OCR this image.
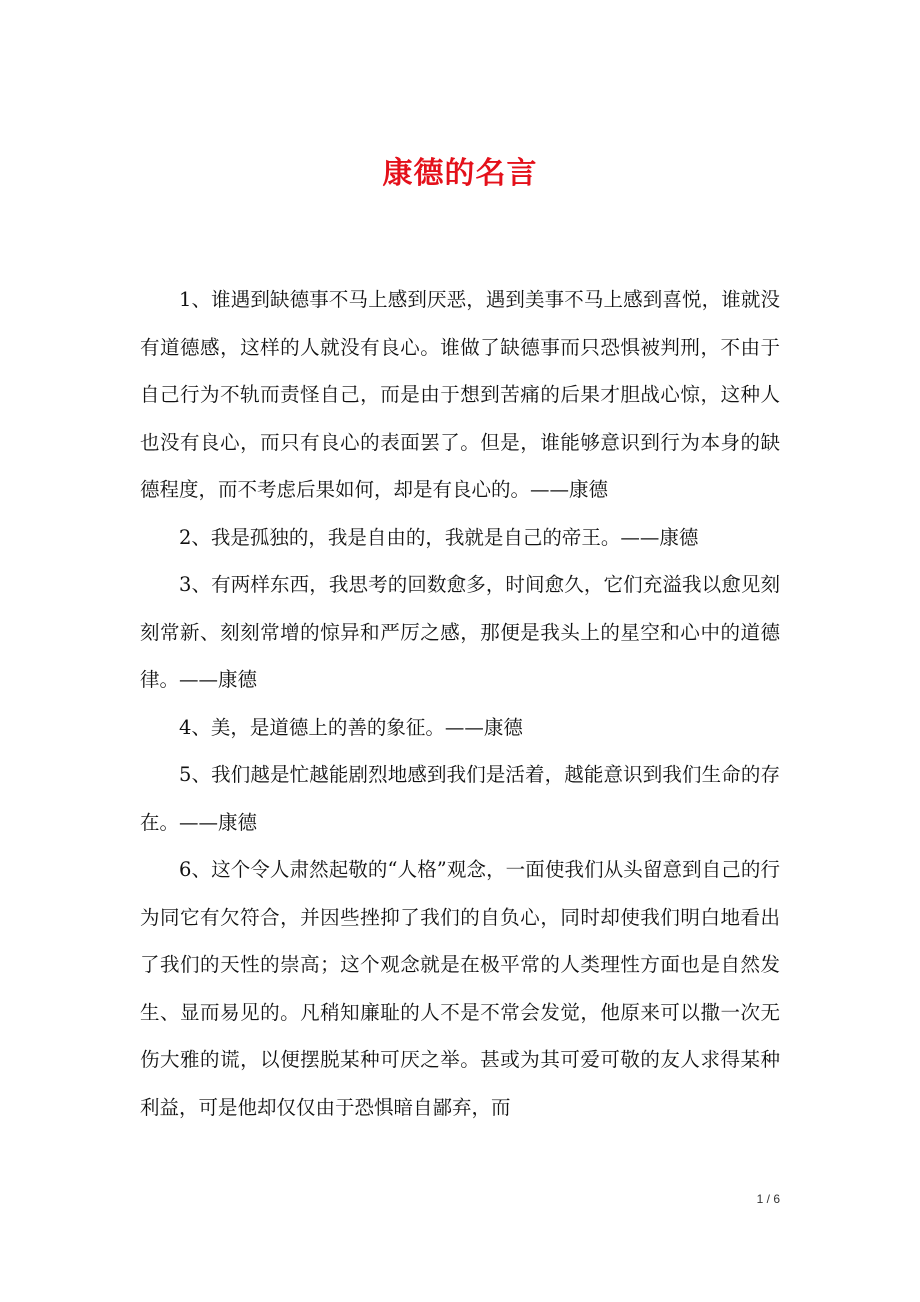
康德的名言

1、谁遇到缺德事不马上感到厌恶，遇到美事不马上感到喜悦，谁就没有道德感，这样的人就没有良心。谁做了缺德事而只恐惧被判刑，不由于自己行为不轨而责怪自己，而是由于想到苦痛的后果才胆战心惊，这种人也没有良心，而只有良心的表面罢了。但是，谁能够意识到行为本身的缺德程度，而不考虑后果如何，却是有良心的。——康德

2、我是孤独的，我是自由的，我就是自己的帝王。——康德

3、有两样东西，我思考的回数愈多，时间愈久，它们充溢我以愈见刻刻常新、刻刻常增的惊异和严厉之感，那便是我头上的星空和心中的道德律。——康德

4、美，是道德上的善的象征。——康德

5、我们越是忙越能剧烈地感到我们是活着，越能意识到我们生命的存在。——康德

6、这个令人肃然起敬的“人格”观念，一面使我们从头留意到自己的行为同它有欠符合，并因些挫抑了我们的自负心，同时却使我们明白地看出了我们的天性的崇高；这个观念就是在极平常的人类理性方面也是自然发生、显而易见的。凡稍知廉耻的人不是不常会发觉，他原来可以撒一次无伤大雅的谎，以便摆脱某种可厌之举。甚或为其可爱可敬的友人求得某种利益，可是他却仅仅由于恐惧暗自鄙弃，而

1 / 6
